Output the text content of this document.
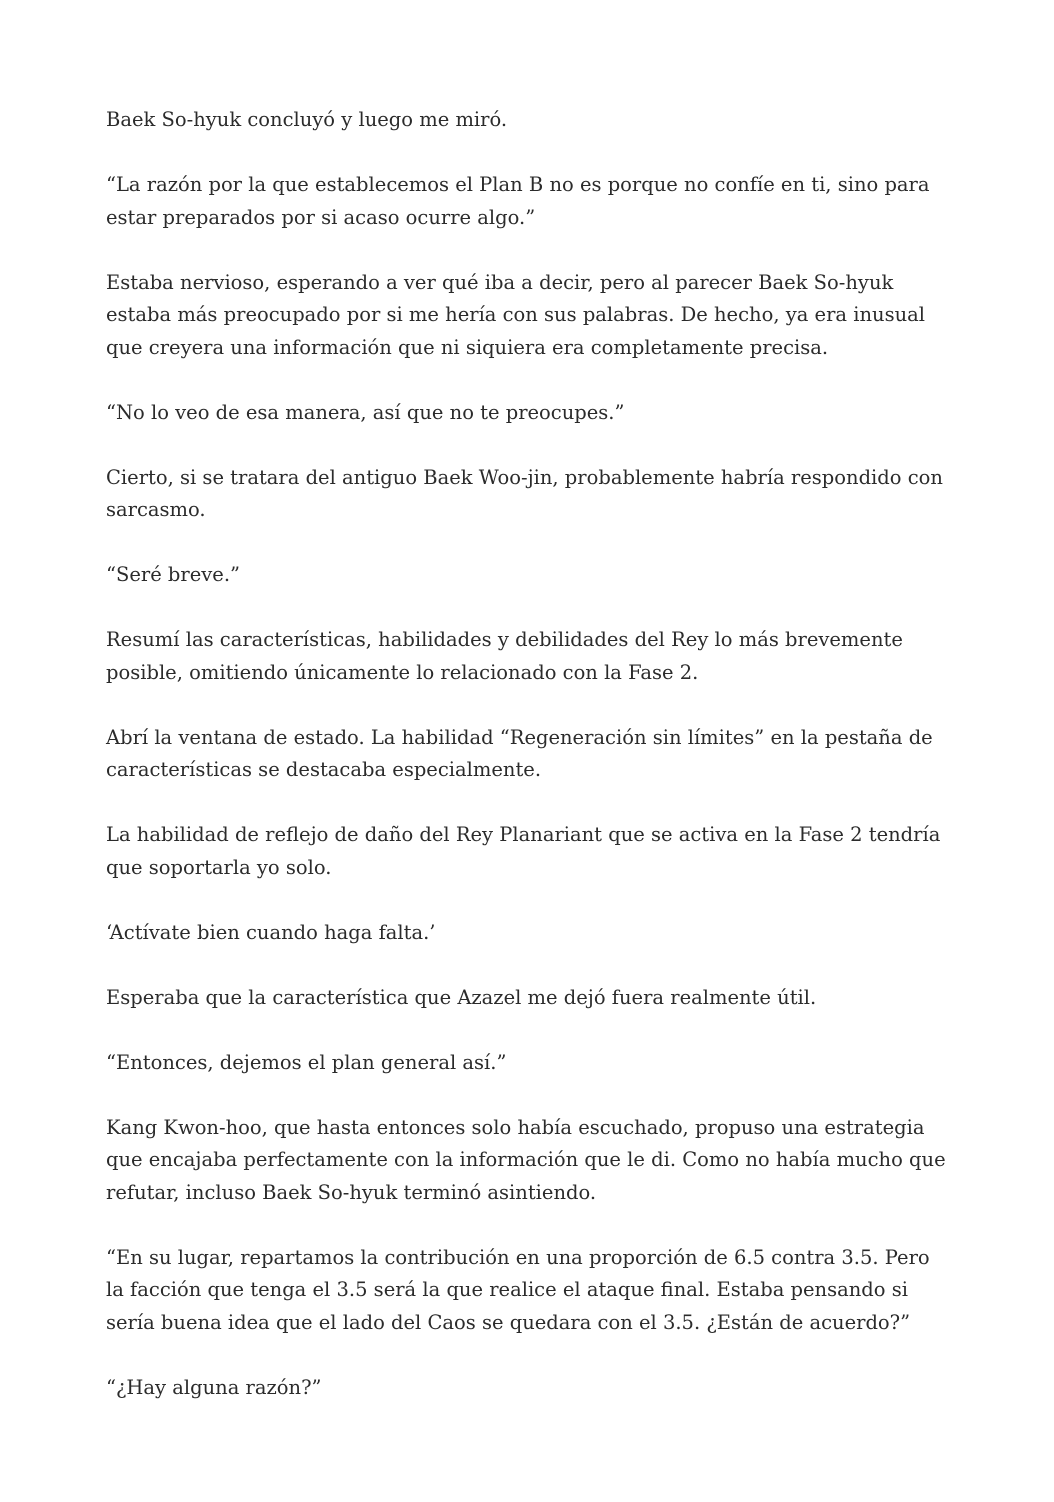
Baek So-hyuk concluyó y luego me miró.

“La razón por la que establecemos el Plan B no es porque no confíe en ti, sino para estar preparados por si acaso ocurre algo.”

Estaba nervioso, esperando a ver qué iba a decir, pero al parecer Baek So-hyuk estaba más preocupado por si me hería con sus palabras. De hecho, ya era inusual que creyera una información que ni siquiera era completamente precisa.

“No lo veo de esa manera, así que no te preocupes.”

Cierto, si se tratara del antiguo Baek Woo-jin, probablemente habría respondido con sarcasmo.

“Seré breve.”

Resumí las características, habilidades y debilidades del Rey lo más brevemente posible, omitiendo únicamente lo relacionado con la Fase 2.

Abrí la ventana de estado. La habilidad “Regeneración sin límites” en la pestaña de características se destacaba especialmente.

La habilidad de reflejo de daño del Rey Planariant que se activa en la Fase 2 tendría que soportarla yo solo.

‘Actívate bien cuando haga falta.’

Esperaba que la característica que Azazel me dejó fuera realmente útil.

“Entonces, dejemos el plan general así.”

Kang Kwon-hoo, que hasta entonces solo había escuchado, propuso una estrategia que encajaba perfectamente con la información que le di. Como no había mucho que refutar, incluso Baek So-hyuk terminó asintiendo.

“En su lugar, repartamos la contribución en una proporción de 6.5 contra 3.5. Pero la facción que tenga el 3.5 será la que realice el ataque final. Estaba pensando si sería buena idea que el lado del Caos se quedara con el 3.5. ¿Están de acuerdo?”

“¿Hay alguna razón?”
